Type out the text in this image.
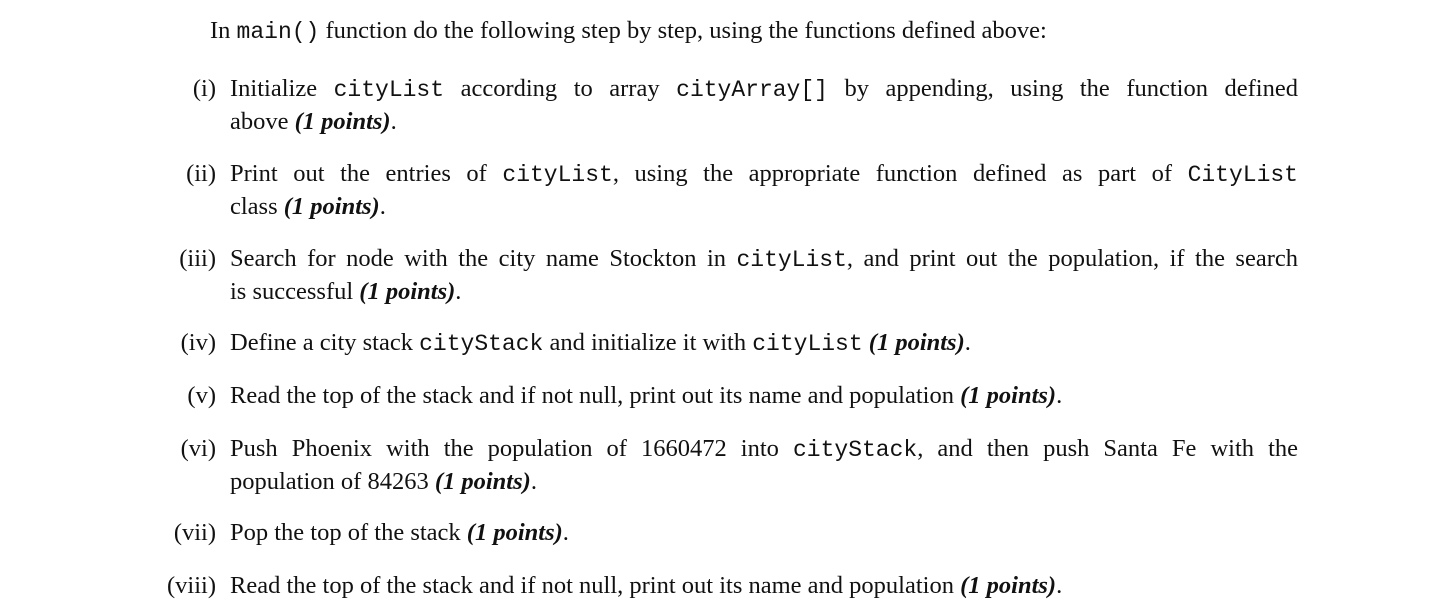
In main() function do the following step by step, using the functions defined above:
(i) Initialize cityList according to array cityArray[] by appending, using the function defined
above (1 points).
(ii) Print out the entries of cityList, using the appropriate function defined as part of CityList
class (1 points).
(iii) Search for node with the city name Stockton in cityList, and print out the population, if the search
is successful (1 points).
(iv) Define a city stack cityStack and initialize it with cityList (1 points).
(v) Read the top of the stack and if not null, print out its name and population (1 points).
(vi) Push Phoenix with the population of 1660472 into cityStack, and then push Santa Fe with the
population of 84263 (1 points).
(vii) Pop the top of the stack (1 points).
(viii) Read the top of the stack and if not null, print out its name and population (1 points).
